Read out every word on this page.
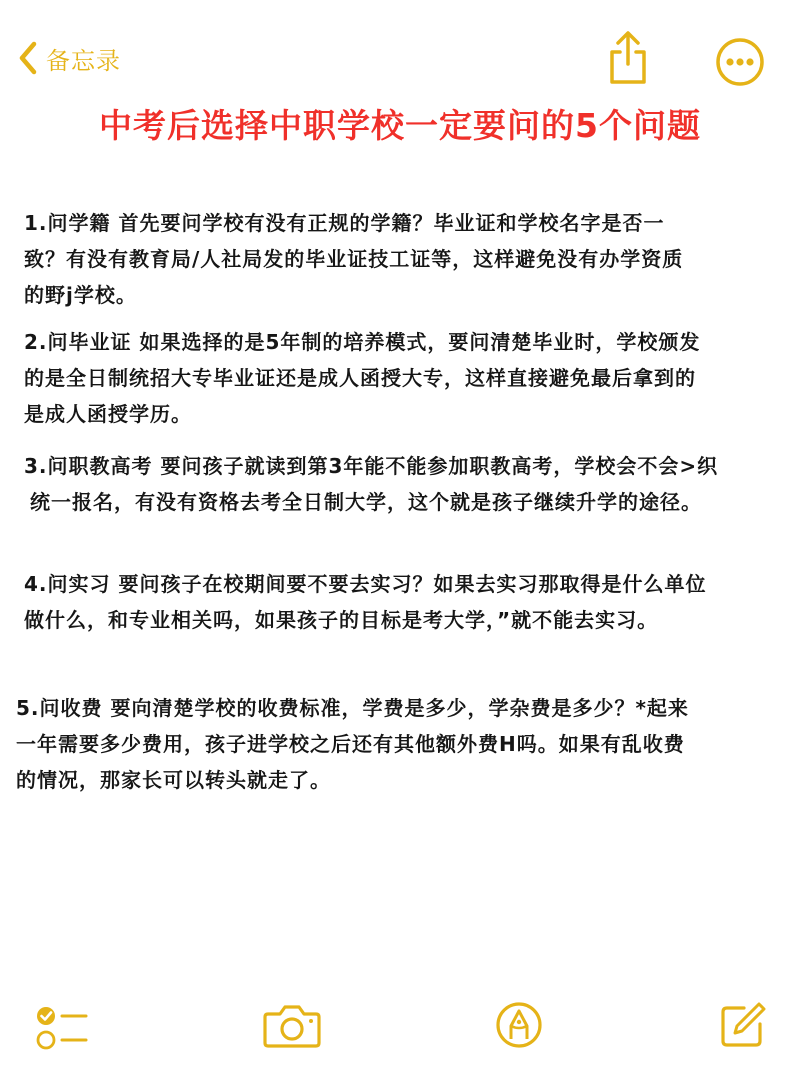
备忘录
中考后选择中职学校一定要问的5个问题
1.问学籍 首先要问学校有没有正规的学籍？毕业证和学校名字是否一
致？有没有教育局/人社局发的毕业证技工证等，这样避免没有办学资质
的野j学校。
2.问毕业证 如果选择的是5年制的培养模式，要问清楚毕业时，学校颁发
的是全日制统招大专毕业证还是成人函授大专，这样直接避免最后拿到的
是成人函授学历。
3.问职教高考 要问孩子就读到第3年能不能参加职教高考，学校会不会>织
统一报名，有没有资格去考全日制大学，这个就是孩子继续升学的途径。
4.问实习 要问孩子在校期间要不要去实习？如果去实习那取得是什么单位
做什么，和专业相关吗，如果孩子的目标是考大学，”就不能去实习。
5.问收费 要向清楚学校的收费标准，学费是多少，学杂费是多少？*起来
一年需要多少费用，孩子进学校之后还有其他额外费H吗。如果有乱收费
的情况，那家长可以转头就走了。
